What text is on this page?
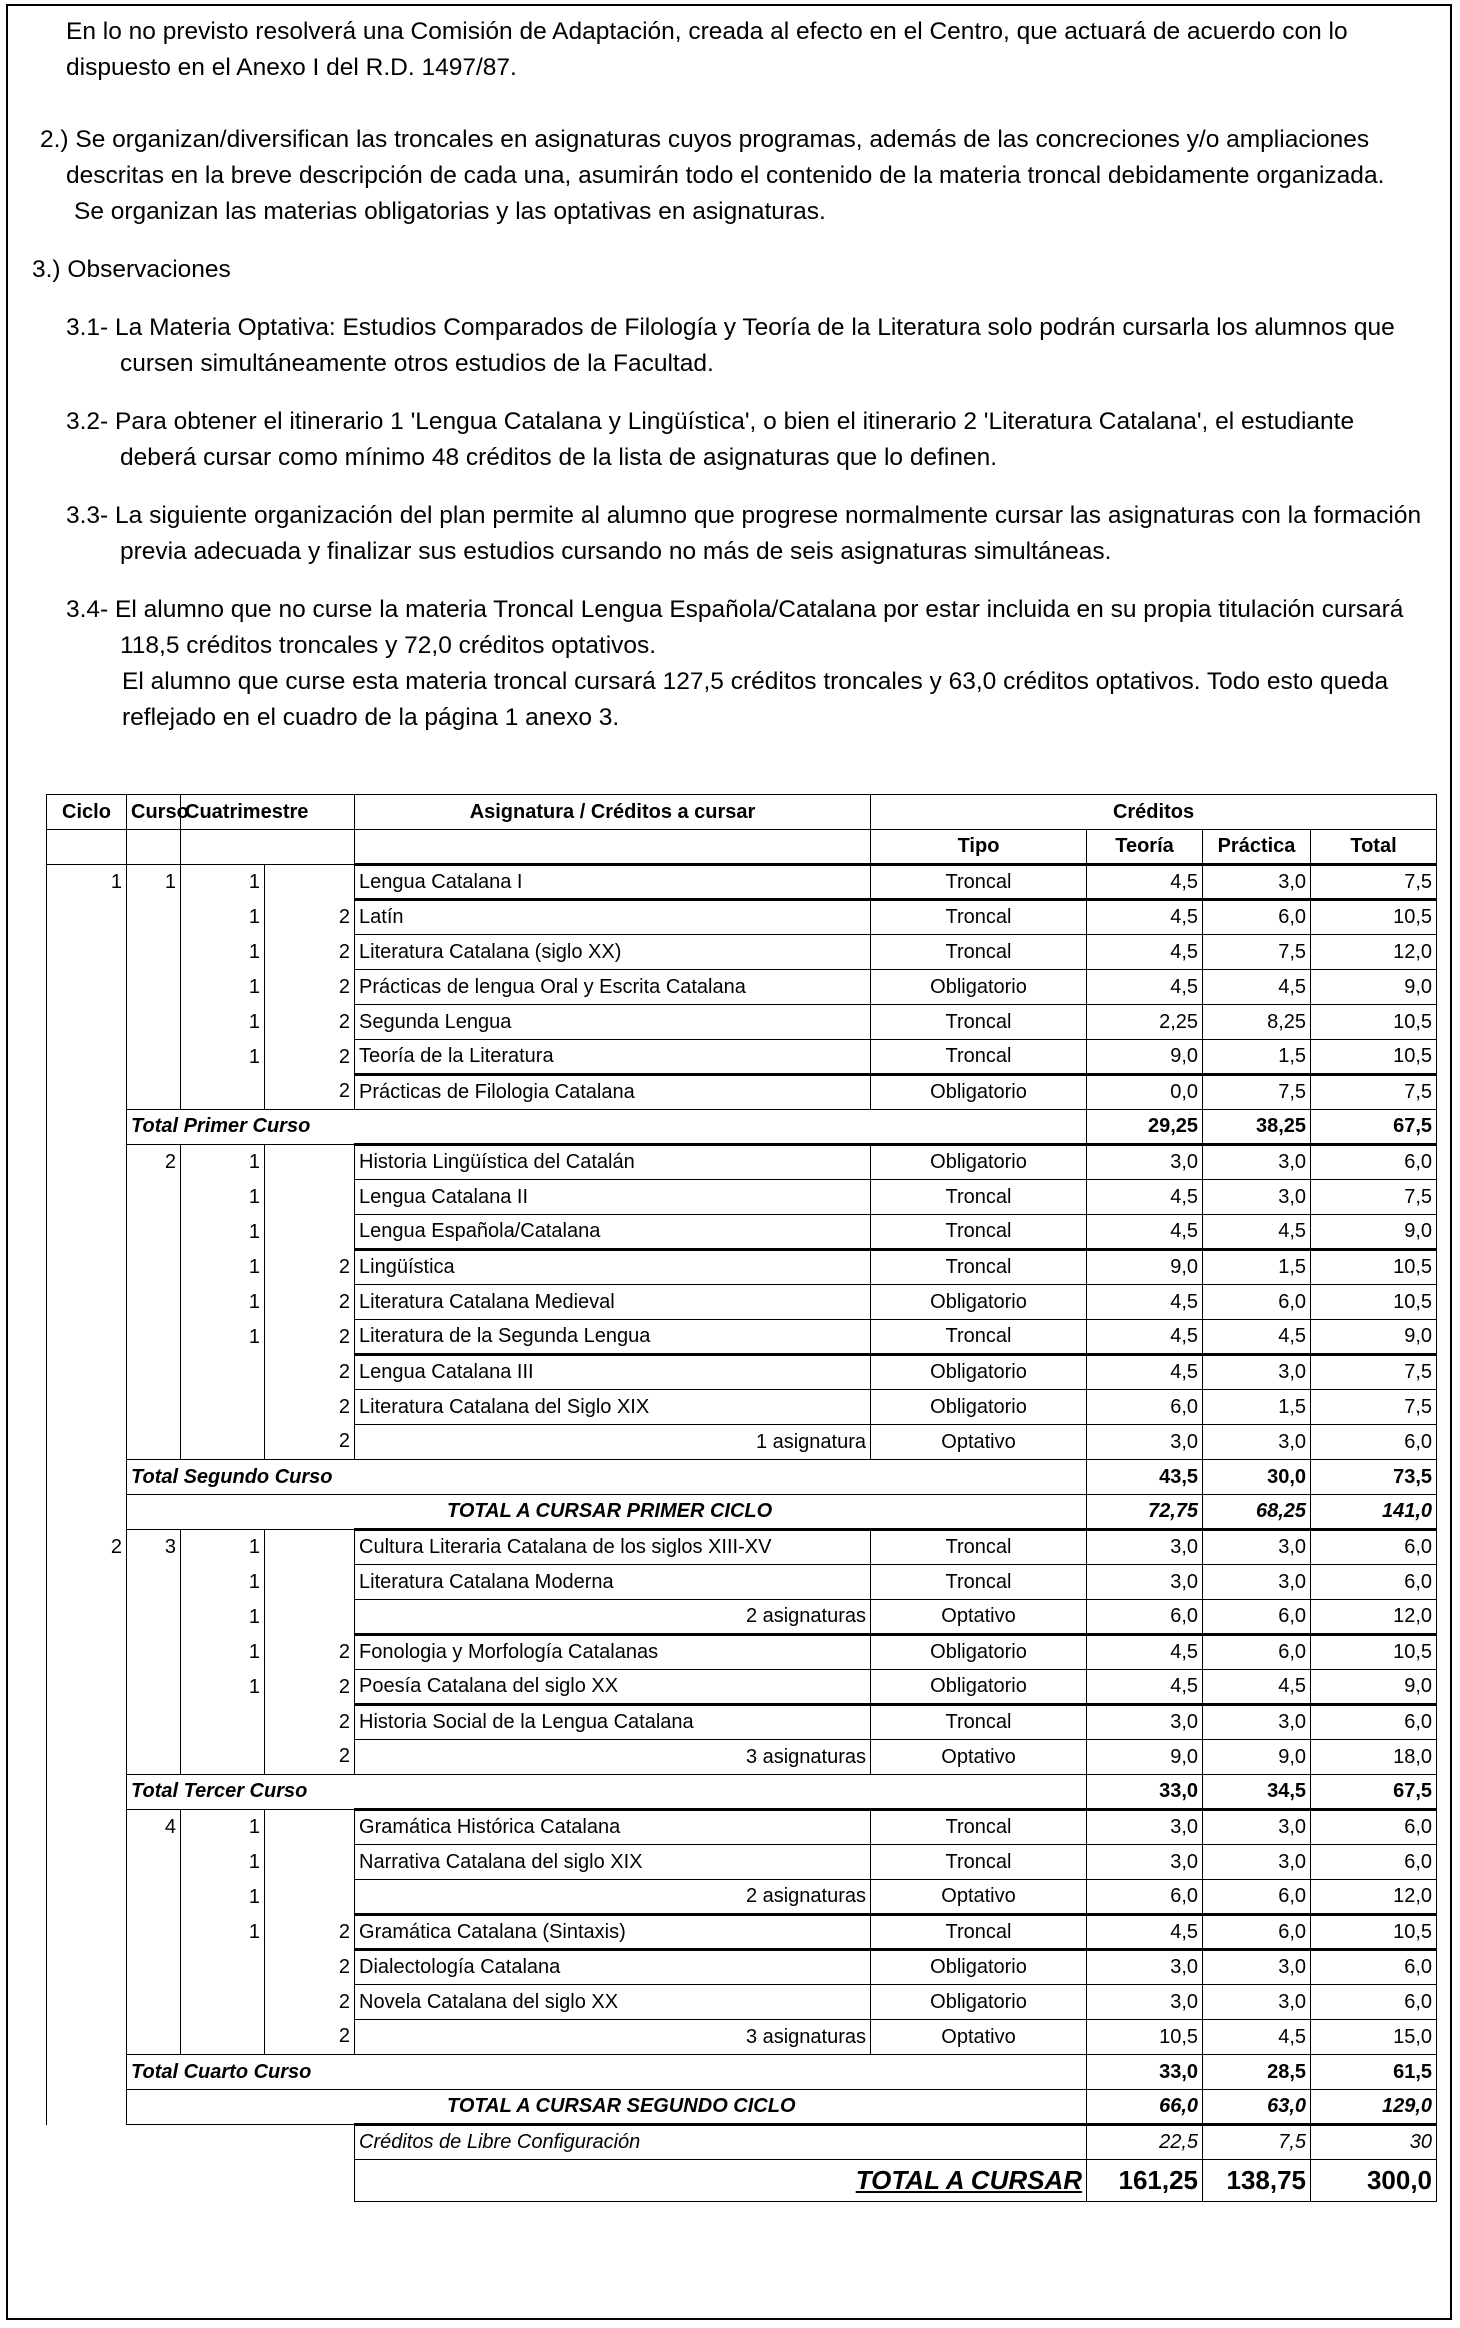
En lo no previsto resolverá una Comisión de Adaptación, creada al efecto en el Centro, que actuará de acuerdo con lo dispuesto en el Anexo I del R.D. 1497/87.

2.) Se organizan/diversifican las troncales en asignaturas cuyos programas, además de las concreciones y/o ampliaciones descritas en la breve descripción de cada una, asumirán todo el contenido de la materia troncal debidamente organizada.

Se organizan las materias obligatorias y las optativas en asignaturas.

3.) Observaciones

3.1- La Materia Optativa: Estudios Comparados de Filología y Teoría de la Literatura solo podrán cursarla los alumnos que cursen simultáneamente otros estudios de la Facultad.

3.2- Para obtener el itinerario 1 'Lengua Catalana y Lingüística', o bien el itinerario 2 'Literatura Catalana', el estudiante deberá cursar como mínimo 48 créditos de la lista de asignaturas que lo definen.

3.3- La siguiente organización del plan permite al alumno que progrese normalmente cursar las asignaturas con la formación previa adecuada y finalizar sus estudios cursando no más de seis asignaturas simultáneas.

3.4- El alumno que no curse la materia Troncal Lengua Española/Catalana por estar incluida en su propia titulación cursará 118,5 créditos troncales y 72,0 créditos optativos.

El alumno que curse esta materia troncal cursará 127,5 créditos troncales y 63,0 créditos optativos. Todo esto queda reflejado en el cuadro de la página 1 anexo 3.

Ciclo	Curso	Cuatrimestre		Asignatura / Créditos a cursar	Créditos			
					Tipo	Teoría	Práctica	Total
1	1	1		Lengua Catalana I	Troncal	4,5	3,0	7,5
		1	2	Latín	Troncal	4,5	6,0	10,5
		1	2	Literatura Catalana (siglo XX)	Troncal	4,5	7,5	12,0
		1	2	Prácticas de lengua Oral y Escrita Catalana	Obligatorio	4,5	4,5	9,0
		1	2	Segunda Lengua	Troncal	2,25	8,25	10,5
		1	2	Teoría de la Literatura	Troncal	9,0	1,5	10,5
			2	Prácticas de Filologia Catalana	Obligatorio	0,0	7,5	7,5
	Total Primer Curso					29,25	38,25	67,5
	2	1		Historia Lingüística del Catalán	Obligatorio	3,0	3,0	6,0
		1		Lengua Catalana II	Troncal	4,5	3,0	7,5
		1		Lengua Española/Catalana	Troncal	4,5	4,5	9,0
		1	2	Lingüística	Troncal	9,0	1,5	10,5
		1	2	Literatura Catalana Medieval	Obligatorio	4,5	6,0	10,5
		1	2	Literatura de la Segunda Lengua	Troncal	4,5	4,5	9,0
			2	Lengua Catalana III	Obligatorio	4,5	3,0	7,5
			2	Literatura Catalana del Siglo XIX	Obligatorio	6,0	1,5	7,5
			2	1 asignatura	Optativo	3,0	3,0	6,0
	Total Segundo Curso					43,5	30,0	73,5
	TOTAL A CURSAR PRIMER CICLO					72,75	68,25	141,0
2	3	1		Cultura Literaria Catalana de los siglos XIII-XV	Troncal	3,0	3,0	6,0
		1		Literatura Catalana Moderna	Troncal	3,0	3,0	6,0
		1		2 asignaturas	Optativo	6,0	6,0	12,0
		1	2	Fonologia y Morfología Catalanas	Obligatorio	4,5	6,0	10,5
		1	2	Poesía Catalana del siglo XX	Obligatorio	4,5	4,5	9,0
			2	Historia Social de la Lengua Catalana	Troncal	3,0	3,0	6,0
			2	3 asignaturas	Optativo	9,0	9,0	18,0
	Total Tercer Curso					33,0	34,5	67,5
	4	1		Gramática Histórica Catalana	Troncal	3,0	3,0	6,0
		1		Narrativa Catalana del siglo XIX	Troncal	3,0	3,0	6,0
		1		2 asignaturas	Optativo	6,0	6,0	12,0
		1	2	Gramática Catalana (Sintaxis)	Troncal	4,5	6,0	10,5
			2	Dialectología Catalana	Obligatorio	3,0	3,0	6,0
			2	Novela Catalana del siglo XX	Obligatorio	3,0	3,0	6,0
			2	3 asignaturas	Optativo	10,5	4,5	15,0
	Total Cuarto Curso					33,0	28,5	61,5
	TOTAL A CURSAR SEGUNDO CICLO					66,0	63,0	129,0
				Créditos de Libre Configuración		22,5	7,5	30
				TOTAL A CURSAR		161,25	138,75	300,0
